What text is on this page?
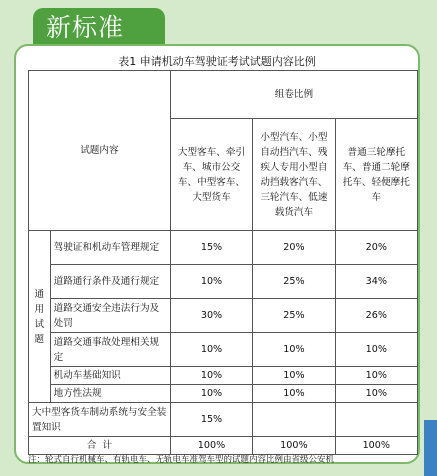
新标准
表1 申请机动车驾驶证考试试题内容比例
试题内容		组卷比例		
		大型客车、牵引车、城市公交车、中型客车、大型货车	小型汽车、小型自动挡汽车、残疾人专用小型自动挡载客汽车、三轮汽车、低速载货汽车	普通三轮摩托车、普通二轮摩托车、轻便摩托车
通
用
试
题	驾驶证和机动车管理规定	15%	20%	20%
	道路通行条件及通行规定	10%	25%	34%
	道路交通安全违法行为及处罚	30%	25%	26%
	道路交通事故处理相关规定	10%	10%	10%
	机动车基础知识	10%	10%	10%
	地方性法规	10%	10%	10%
大中型客货车制动系统与安全装置知识		15%		
合  计		100%	100%	100%
注：轮式自行机械车、有轨电车、无轨电车准驾车型的试题内容比例由省级公安机
